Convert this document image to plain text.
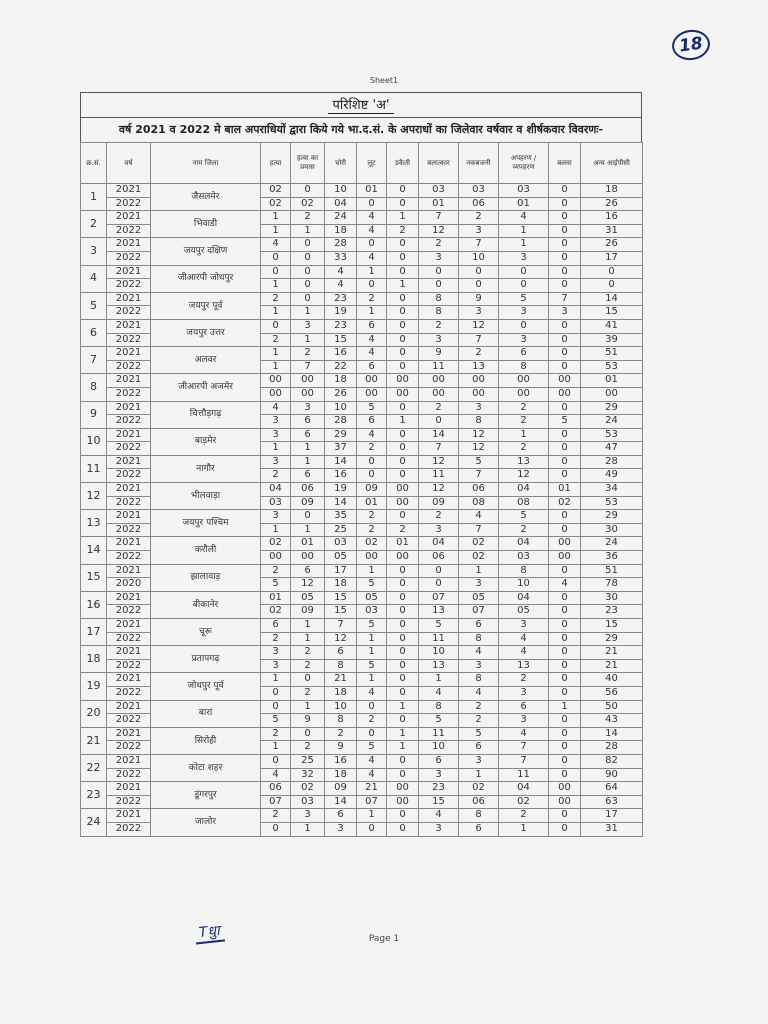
18
Sheet1
परिशिष्ट 'अ'
वर्ष 2021 व 2022 मे बाल अपराधियों द्वारा किये गये भा.द.सं. के अपराधों का जिलेवार वर्षवार व शीर्षकवार विवरणः-
क्र.सं.	वर्ष	नाम जिला	हत्या	हत्या का प्रयास	चोरी	लूट	डकैती	बलात्कार	नकबजनी	अपहरण / व्यपहरण	बलवा	अन्य आईपीसी
1	2021	जैसलमेर	02	0	10	01	0	03	03	03	0	18
	2022		02	02	04	0	0	01	06	01	0	26
2	2021	भिवाडी	1	2	24	4	1	7	2	4	0	16
	2022		1	1	18	4	2	12	3	1	0	31
3	2021	जयपुर दक्षिण	4	0	28	0	0	2	7	1	0	26
	2022		0	0	33	4	0	3	10	3	0	17
4	2021	जीआरपी जोधपुर	0	0	4	1	0	0	0	0	0	0
	2022		1	0	4	0	1	0	0	0	0	0
5	2021	जयपुर पूर्व	2	0	23	2	0	8	9	5	7	14
	2022		1	1	19	1	0	8	3	3	3	15
6	2021	जयपुर उत्तर	0	3	23	6	0	2	12	0	0	41
	2022		2	1	15	4	0	3	7	3	0	39
7	2021	अलवर	1	2	16	4	0	9	2	6	0	51
	2022		1	7	22	6	0	11	13	8	0	53
8	2021	जीआरपी अजमेर	00	00	18	00	00	00	00	00	00	01
	2022		00	00	26	00	00	00	00	00	00	00
9	2021	चित्तौड़गढ़	4	3	10	5	0	2	3	2	0	29
	2022		3	6	28	6	1	0	8	2	5	24
10	2021	बाड़मेर	3	6	29	4	0	14	12	1	0	53
	2022		1	1	37	2	0	7	12	2	0	47
11	2021	नागौर	3	1	14	0	0	12	5	13	0	28
	2022		2	6	16	0	0	11	7	12	0	49
12	2021	भीलवाड़ा	04	06	19	09	00	12	06	04	01	34
	2022		03	09	14	01	00	09	08	08	02	53
13	2021	जयपुर पश्चिम	3	0	35	2	0	2	4	5	0	29
	2022		1	1	25	2	2	3	7	2	0	30
14	2021	करौली	02	01	03	02	01	04	02	04	00	24
	2022		00	00	05	00	00	06	02	03	00	36
15	2021	झालावाड़	2	6	17	1	0	0	1	8	0	51
	2020		5	12	18	5	0	0	3	10	4	78
16	2021	बीकानेर	01	05	15	05	0	07	05	04	0	30
	2022		02	09	15	03	0	13	07	05	0	23
17	2021	चूरू	6	1	7	5	0	5	6	3	0	15
	2022		2	1	12	1	0	11	8	4	0	29
18	2021	प्रतापगढ़	3	2	6	1	0	10	4	4	0	21
	2022		3	2	8	5	0	13	3	13	0	21
19	2021	जोधपुर पूर्व	1	0	21	1	0	1	8	2	0	40
	2022		0	2	18	4	0	4	4	3	0	56
20	2021	बारां	0	1	10	0	1	8	2	6	1	50
	2022		5	9	8	2	0	5	2	3	0	43
21	2021	सिरोही	2	0	2	0	1	11	5	4	0	14
	2022		1	2	9	5	1	10	6	7	0	28
22	2021	कोटा शहर	0	25	16	4	0	6	3	7	0	82
	2022		4	32	18	4	0	3	1	11	0	90
23	2021	डूंगरपुर	06	02	09	21	00	23	02	04	00	64
	2022		07	03	14	07	00	15	06	02	00	63
24	2021	जालोर	2	3	6	1	0	4	8	2	0	17
	2022		0	1	3	0	0	3	6	1	0	31
Tधुा	Page 1
